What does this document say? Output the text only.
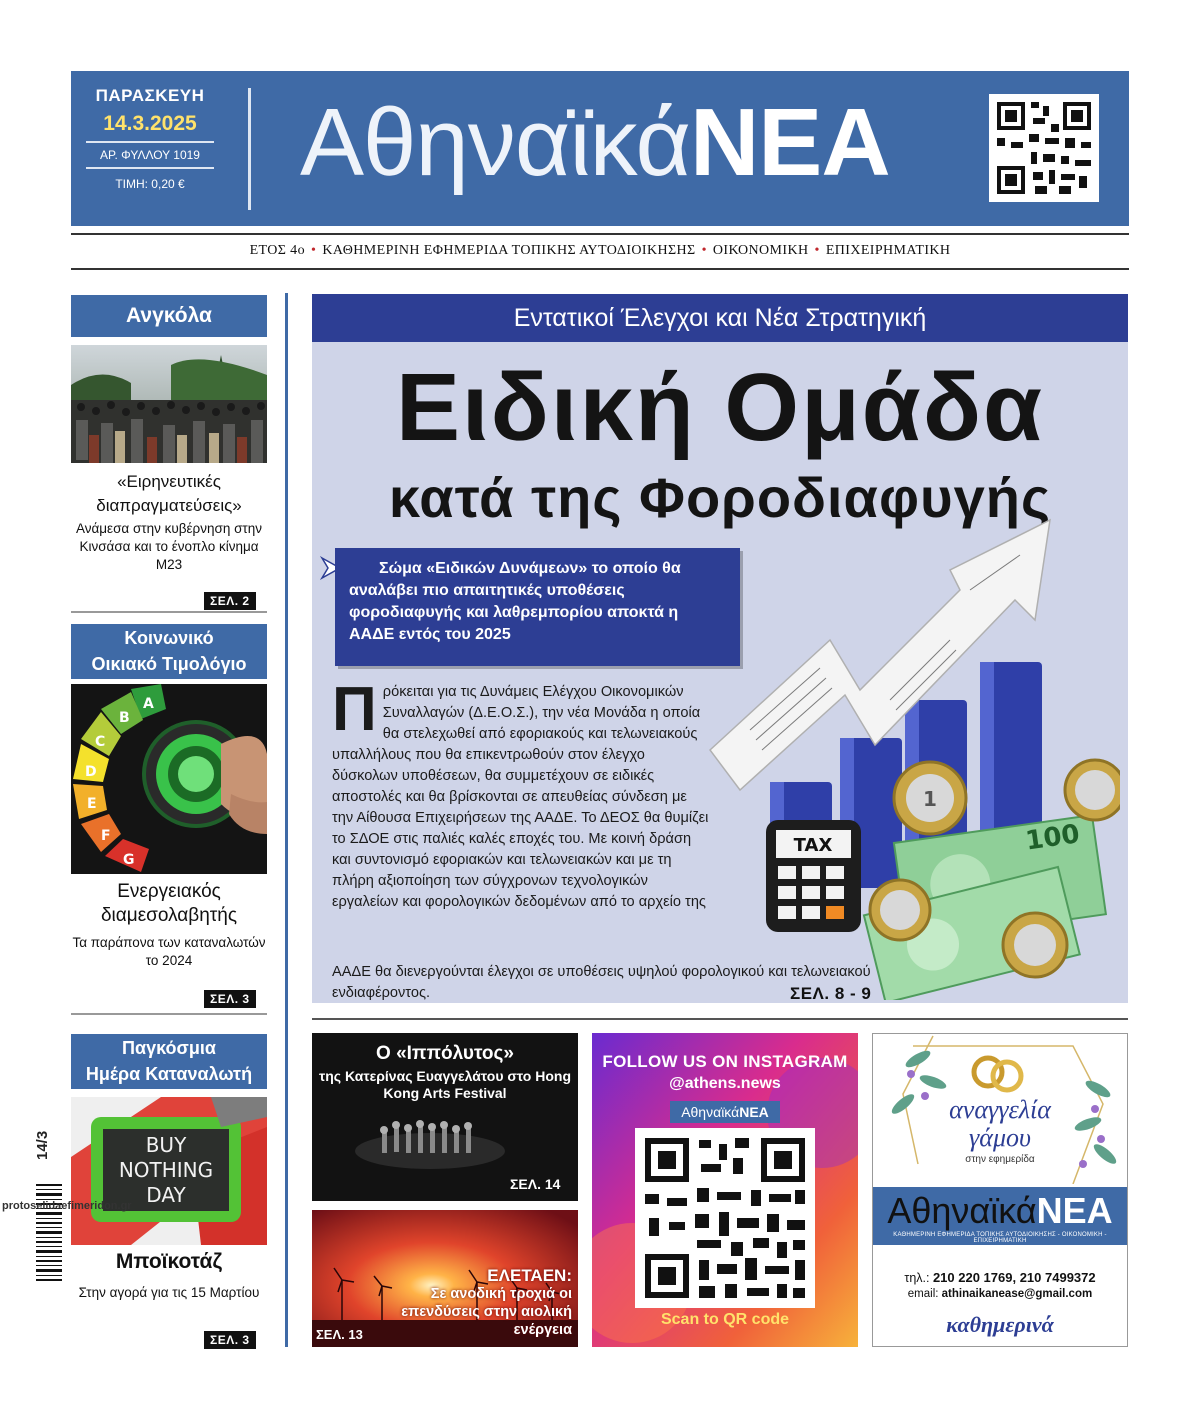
ΠΑΡΑΣΚΕΥΗ
14.3.2025
ΑΡ. ΦΥΛΛΟΥ 1019
ΤΙΜΗ: 0,20 €	ΑθηναϊκάΝΕΑ
ΕΤΟΣ 4ο • ΚΑΘΗΜΕΡΙΝΗ ΕΦΗΜΕΡΙΔΑ ΤΟΠΙΚΗΣ ΑΥΤΟΔΙΟΙΚΗΣΗΣ • ΟΙΚΟΝΟΜΙΚΗ • ΕΠΙΧΕΙΡΗΜΑΤΙΚΗ
Ανγκόλα
«Ειρηνευτικές διαπραγματεύσεις»
Ανάμεσα στην κυβέρνηση στην Κινσάσα και το ένοπλο κίνημα Μ23
ΣΕΛ. 2
Κοινωνικό
Οικιακό Τιμολόγιο
A
B
C
D
E
F
G
Ενεργειακός διαμεσολαβητής
Τα παράπονα των καταναλωτών το 2024
ΣΕΛ. 3
Παγκόσμια
Ημέρα Καταναλωτή
BUY
NOTHING
DAY
Μποϊκοτάζ
Στην αγορά για τις 15 Μαρτίου
ΣΕΛ. 3
14/3
protoselidaefimeridon.gr
Εντατικοί Έλεγχοι και Νέα Στρατηγική
Ειδική Ομάδα
κατά της Φοροδιαφυγής
TAX	100
1
Σώμα «Ειδικών Δυνάμεων» το οποίο θα αναλάβει πιο απαιτητικές υποθέσεις φοροδιαφυγής και λαθρεμπορίου αποκτά η ΑΑΔΕ εντός του 2025
Πρόκειται για τις Δυνάμεις Ελέγχου Οικονομικών Συναλλαγών (Δ.Ε.Ο.Σ.), την νέα Μονάδα η οποία θα στελεχωθεί από εφοριακούς και τελωνειακούς υπαλλήλους που θα επικεντρωθούν στον έλεγχο δύσκολων υποθέσεων, θα συμμετέχουν σε ειδικές αποστολές και θα βρίσκονται σε απευθείας σύνδεση με την Αίθουσα Επιχειρήσεων της ΑΑΔΕ. Το ΔΕΟΣ θα θυμίζει το ΣΔΟΕ στις παλιές καλές εποχές του. Με κοινή δράση και συντονισμό εφοριακών και τελωνειακών και με τη πλήρη αξιοποίηση των σύγχρονων τεχνολογικών εργαλείων και φορολογικών δεδομένων από το αρχείο της
ΑΑΔΕ θα διενεργούνται έλεγχοι σε υποθέσεις υψηλού φορολογικού και τελωνειακού ενδιαφέροντος.	ΣΕΛ. 8 - 9
Ο «Ιππόλυτος»
της Κατερίνας Ευαγγελάτου στο Hong Kong Arts Festival
ΣΕΛ. 14
ΕΛΕΤΑΕΝ:
Σε ανοδική τροχιά οι επενδύσεις στην αιολική ενέργεια
ΣΕΛ. 13
FOLLOW US ON INSTAGRAM
@athens.news
ΑθηναϊκάΝΕΑ
Scan to QR code
αναγγελία
γάμου
στην εφημερίδα
ΑθηναϊκάΝΕΑ
ΚΑΘΗΜΕΡΙΝΗ ΕΦΗΜΕΡΙΔΑ ΤΟΠΙΚΗΣ ΑΥΤΟΔΙΟΙΚΗΣΗΣ - ΟΙΚΟΝΟΜΙΚΗ - ΕΠΙΧΕΙΡΗΜΑΤΙΚΗ
τηλ.: 210 220 1769, 210 7499372
email: athinaikanease@gmail.com
καθημερινά
